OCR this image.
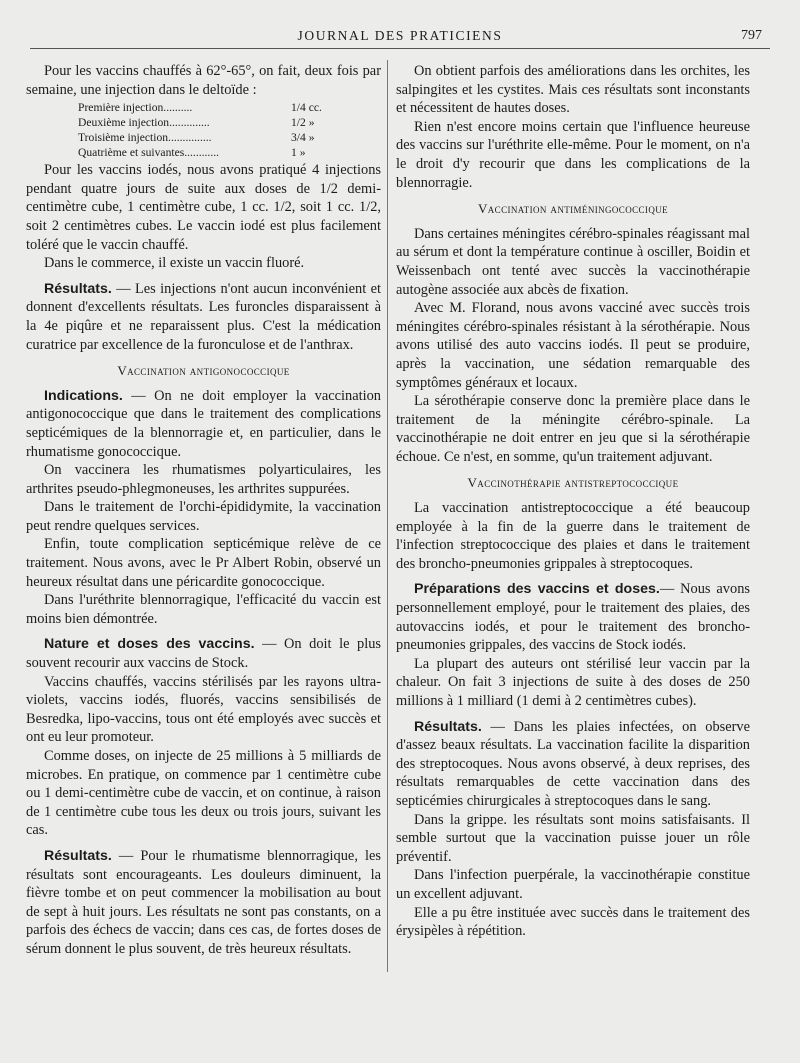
JOURNAL DES PRATICIENS	797

Pour les vaccins chauffés à 62°-65°, on fait, deux fois par semaine, une injection dans le deltoïde :

Première injection..........	1/4 cc.
Deuxième injection..............	1/2 »
Troisième injection...............	3/4 »
Quatrième et suivantes............	1 »

Pour les vaccins iodés, nous avons pratiqué 4 injections pendant quatre jours de suite aux doses de 1/2 demi-centimètre cube, 1 centimètre cube, 1 cc. 1/2, soit 1 cc. 1/2, soit 2 centimètres cubes. Le vaccin iodé est plus facilement toléré que le vaccin chauffé.

Dans le commerce, il existe un vaccin fluoré.

Résultats. — Les injections n'ont aucun inconvénient et donnent d'excellents résultats. Les furoncles disparaissent à la 4e piqûre et ne reparaissent plus. C'est la médication curatrice par excellence de la furonculose et de l'anthrax.

Vaccination antigonococcique

Indications. — On ne doit employer la vaccination antigonococcique que dans le traitement des complications septicémiques de la blennorragie et, en particulier, dans le rhumatisme gonococcique.

On vaccinera les rhumatismes polyarticulaires, les arthrites pseudo-phlegmoneuses, les arthrites suppurées.

Dans le traitement de l'orchi-épididymite, la vaccination peut rendre quelques services.

Enfin, toute complication septicémique relève de ce traitement. Nous avons, avec le Pr Albert Robin, observé un heureux résultat dans une péricardite gonococcique.

Dans l'uréthrite blennorragique, l'efficacité du vaccin est moins bien démontrée.

Nature et doses des vaccins. — On doit le plus souvent recourir aux vaccins de Stock.

Vaccins chauffés, vaccins stérilisés par les rayons ultra-violets, vaccins iodés, fluorés, vaccins sensibilisés de Besredka, lipo-vaccins, tous ont été employés avec succès et ont eu leur promoteur.

Comme doses, on injecte de 25 millions à 5 milliards de microbes. En pratique, on commence par 1 centimètre cube ou 1 demi-centimètre cube de vaccin, et on continue, à raison de 1 centimètre cube tous les deux ou trois jours, suivant les cas.

Résultats. — Pour le rhumatisme blennorragique, les résultats sont encourageants. Les douleurs diminuent, la fièvre tombe et on peut commencer la mobilisation au bout de sept à huit jours. Les résultats ne sont pas constants, on a parfois des échecs de vaccin; dans ces cas, de fortes doses de sérum donnent le plus souvent, de très heureux résultats.

On obtient parfois des améliorations dans les orchites, les salpingites et les cystites. Mais ces résultats sont inconstants et nécessitent de hautes doses.

Rien n'est encore moins certain que l'influence heureuse des vaccins sur l'uréthrite elle-même. Pour le moment, on n'a le droit d'y recourir que dans les complications de la blennorragie.

Vaccination antiméningococcique

Dans certaines méningites cérébro-spinales réagissant mal au sérum et dont la température continue à osciller, Boidin et Weissenbach ont tenté avec succès la vaccinothérapie autogène associée aux abcès de fixation.

Avec M. Florand, nous avons vacciné avec succès trois méningites cérébro-spinales résistant à la sérothérapie. Nous avons utilisé des auto vaccins iodés. Il peut se produire, après la vaccination, une sédation remarquable des symptômes généraux et locaux.

La sérothérapie conserve donc la première place dans le traitement de la méningite cérébro-spinale. La vaccinothérapie ne doit entrer en jeu que si la sérothérapie échoue. Ce n'est, en somme, qu'un traitement adjuvant.

Vaccinothérapie antistreptococcique

La vaccination antistreptococcique a été beaucoup employée à la fin de la guerre dans le traitement de l'infection streptococcique des plaies et dans le traitement des broncho-pneumonies grippales à streptocoques.

Préparations des vaccins et doses.— Nous avons personnellement employé, pour le traitement des plaies, des autovaccins iodés, et pour le traitement des broncho-pneumonies grippales, des vaccins de Stock iodés.

La plupart des auteurs ont stérilisé leur vaccin par la chaleur. On fait 3 injections de suite à des doses de 250 millions à 1 milliard (1 demi à 2 centimètres cubes).

Résultats. — Dans les plaies infectées, on observe d'assez beaux résultats. La vaccination facilite la disparition des streptocoques. Nous avons observé, à deux reprises, des résultats remarquables de cette vaccination dans des septicémies chirurgicales à streptocoques dans le sang.

Dans la grippe. les résultats sont moins satisfaisants. Il semble surtout que la vaccination puisse jouer un rôle préventif.

Dans l'infection puerpérale, la vaccinothérapie constitue un excellent adjuvant.

Elle a pu être instituée avec succès dans le traitement des érysipèles à répétition.
